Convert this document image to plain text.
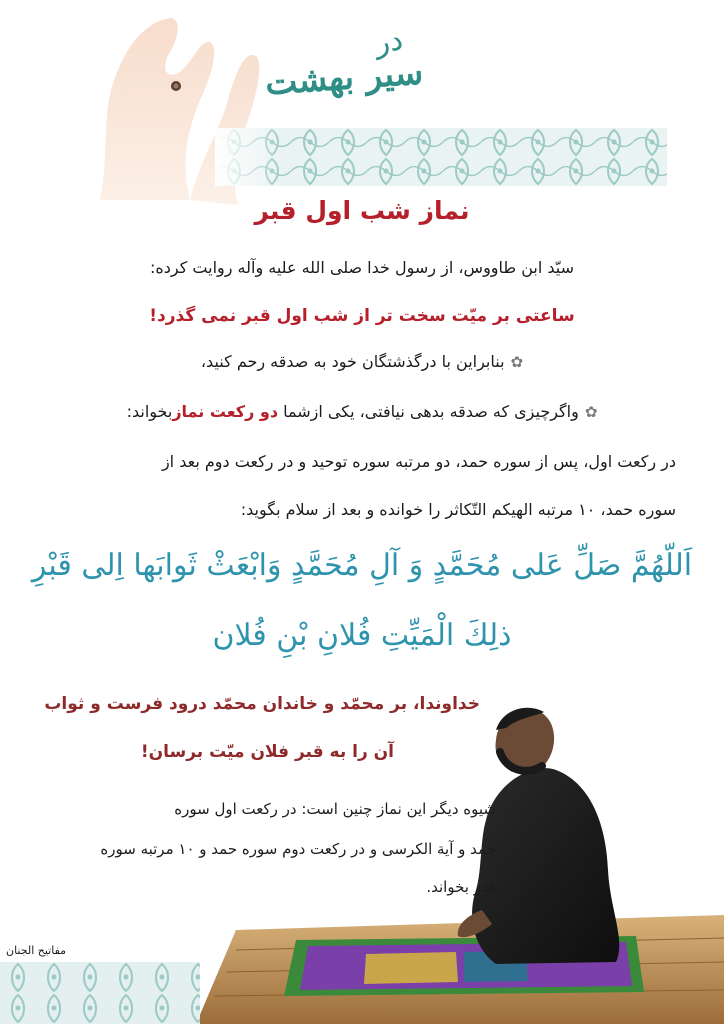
در
سیر بهشت
نماز شب اول قبر
سیّد ابن طاووس، از رسول خدا صلی الله علیه وآله روایت کرده:
ساعتی بر میّت سخت تر از شب اول قبر نمی گذرد!
✿بنابراین با درگذشتگان خود به صدقه رحم کنید،
✿واگرچیزی که صدقه بدهی نیافتی، یکی ازشما دو رکعت نمازبخواند:
در رکعت اول، پس از سوره حمد، دو مرتبه سوره توحید و در رکعت دوم بعد از
سوره حمد، ۱۰ مرتبه الهیکم التّکاثر را خوانده و بعد از سلام بگوید:
اَللّهُمَّ صَلِّ عَلی مُحَمَّدٍ وَ آلِ مُحَمَّدٍ وَابْعَثْ ثَوابَها اِلی قَبْرِ
ذلِكَ الْمَیِّتِ فُلانِ بْنِ فُلان
خداوندا، بر محمّد و خاندان محمّد درود فرست و ثواب
آن را به قبر فلان میّت برسان!
شیوه دیگر این نماز چنین است: در رکعت اول سوره
حمد و آیة الکرسی و در رکعت دوم سوره حمد و ۱۰ مرتبه سوره
قدر بخواند.
مفاتیح الجنان
